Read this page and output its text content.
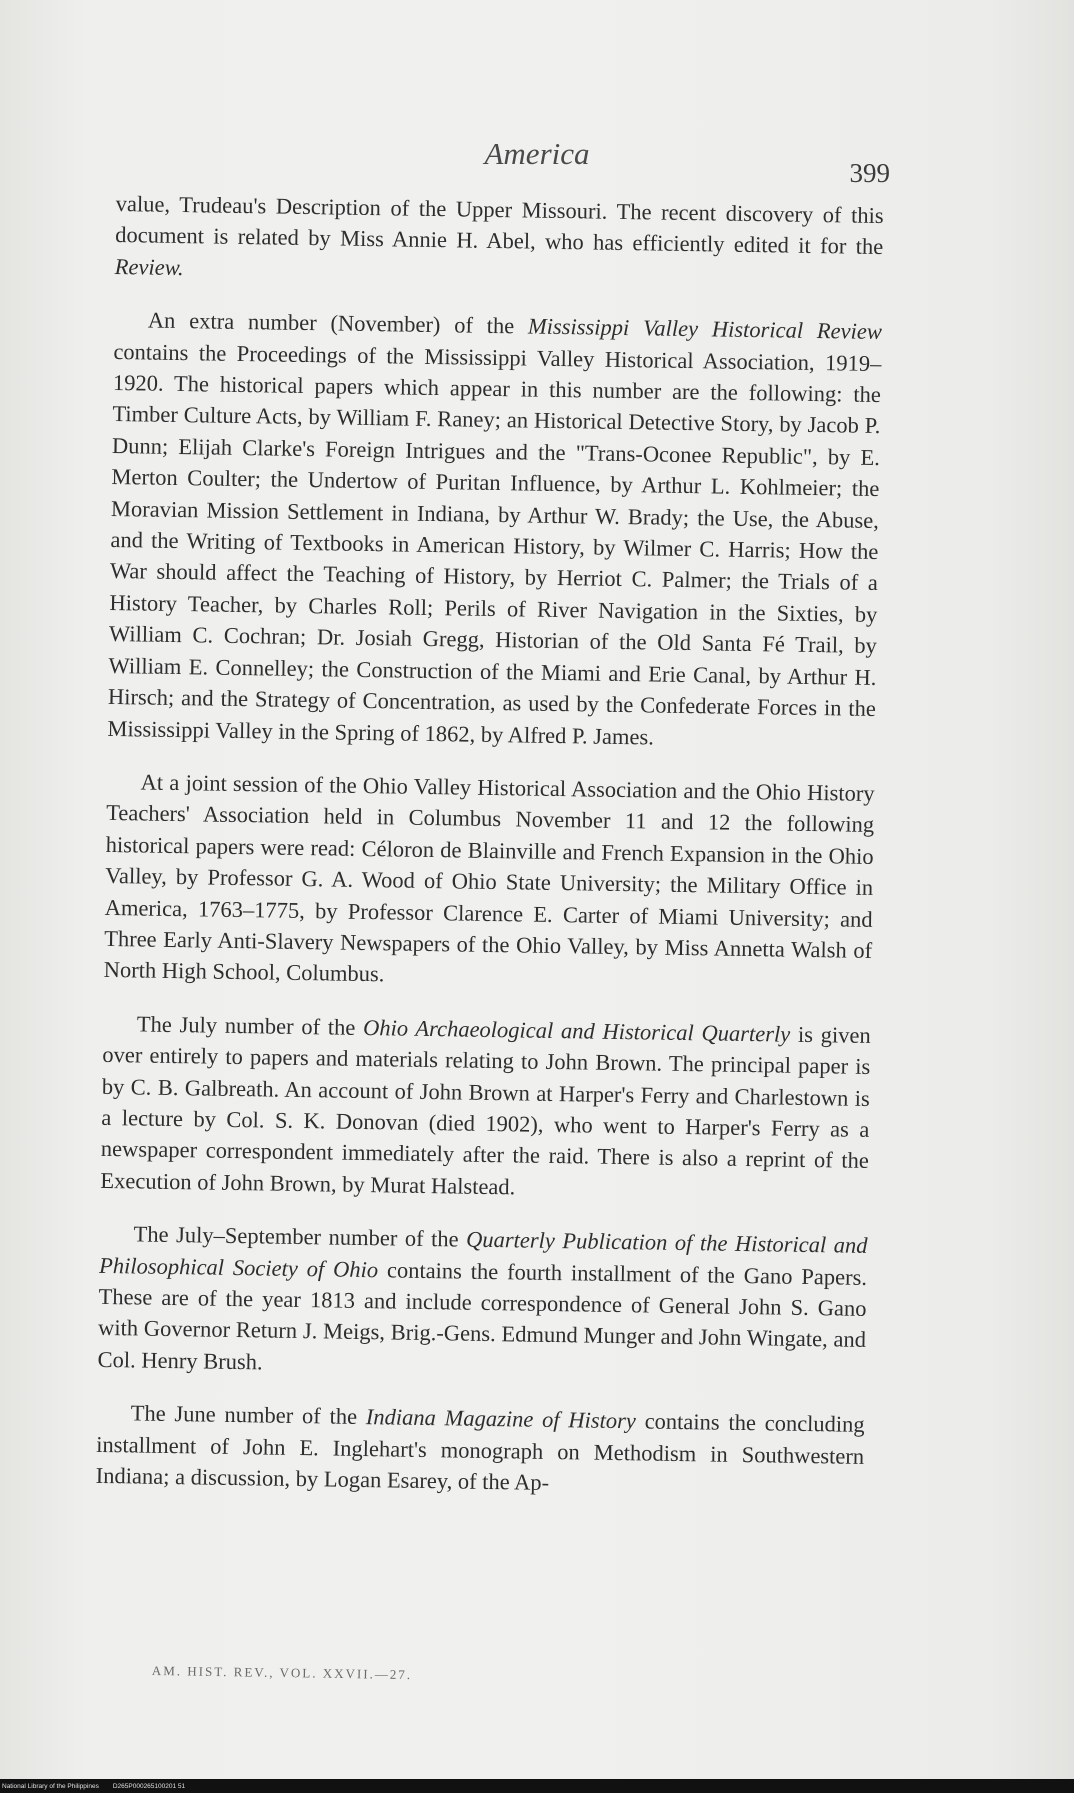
America
399

value, Trudeau's Description of the Upper Missouri. The recent discovery of this document is related by Miss Annie H. Abel, who has efficiently edited it for the Review.

An extra number (November) of the Mississippi Valley Historical Review contains the Proceedings of the Mississippi Valley Historical Association, 1919–1920. The historical papers which appear in this number are the following: the Timber Culture Acts, by William F. Raney; an Historical Detective Story, by Jacob P. Dunn; Elijah Clarke's Foreign Intrigues and the "Trans-Oconee Republic", by E. Merton Coulter; the Undertow of Puritan Influence, by Arthur L. Kohlmeier; the Moravian Mission Settlement in Indiana, by Arthur W. Brady; the Use, the Abuse, and the Writing of Textbooks in American History, by Wilmer C. Harris; How the War should affect the Teaching of History, by Herriot C. Palmer; the Trials of a History Teacher, by Charles Roll; Perils of River Navigation in the Sixties, by William C. Cochran; Dr. Josiah Gregg, Historian of the Old Santa Fé Trail, by William E. Connelley; the Construction of the Miami and Erie Canal, by Arthur H. Hirsch; and the Strategy of Concentration, as used by the Confederate Forces in the Mississippi Valley in the Spring of 1862, by Alfred P. James.

At a joint session of the Ohio Valley Historical Association and the Ohio History Teachers' Association held in Columbus November 11 and 12 the following historical papers were read: Céloron de Blainville and French Expansion in the Ohio Valley, by Professor G. A. Wood of Ohio State University; the Military Office in America, 1763–1775, by Professor Clarence E. Carter of Miami University; and Three Early Anti-Slavery Newspapers of the Ohio Valley, by Miss Annetta Walsh of North High School, Columbus.

The July number of the Ohio Archaeological and Historical Quarterly is given over entirely to papers and materials relating to John Brown. The principal paper is by C. B. Galbreath. An account of John Brown at Harper's Ferry and Charlestown is a lecture by Col. S. K. Donovan (died 1902), who went to Harper's Ferry as a newspaper correspondent immediately after the raid. There is also a reprint of the Execution of John Brown, by Murat Halstead.

The July–September number of the Quarterly Publication of the Historical and Philosophical Society of Ohio contains the fourth installment of the Gano Papers. These are of the year 1813 and include correspondence of General John S. Gano with Governor Return J. Meigs, Brig.-Gens. Edmund Munger and John Wingate, and Col. Henry Brush.

The June number of the Indiana Magazine of History contains the concluding installment of John E. Inglehart's monograph on Methodism in Southwestern Indiana; a discussion, by Logan Esarey, of the Ap-

AM. HIST. REV., VOL. XXVII.—27.
National Library of the Philippines	D265P000265100201 51
